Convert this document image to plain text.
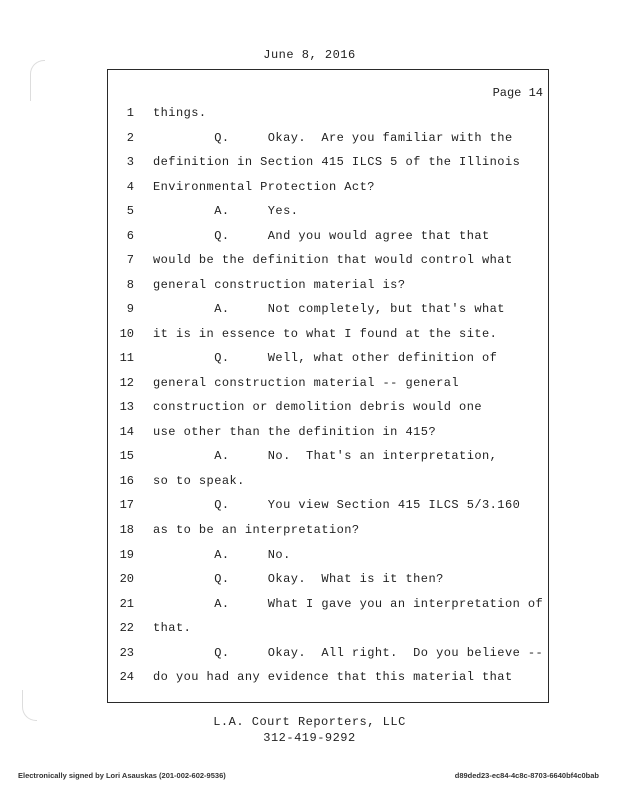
June 8, 2016
Page 14
1 things.
2 Q.     Okay.  Are you familiar with the
3 definition in Section 415 ILCS 5 of the Illinois
4 Environmental Protection Act?
5 A.     Yes.
6 Q.     And you would agree that that
7 would be the definition that would control what
8 general construction material is?
9 A.     Not completely, but that's what
10 it is in essence to what I found at the site.
11 Q.     Well, what other definition of
12 general construction material -- general
13 construction or demolition debris would one
14 use other than the definition in 415?
15 A.     No.  That's an interpretation,
16 so to speak.
17 Q.     You view Section 415 ILCS 5/3.160
18 as to be an interpretation?
19 A.     No.
20 Q.     Okay.  What is it then?
21 A.     What I gave you an interpretation of
22 that.
23 Q.     Okay.  All right.  Do you believe --
24 do you had any evidence that this material that
L.A. Court Reporters, LLC
312-419-9292
Electronically signed by Lori Asauskas (201-002-602-9536)	d89ded23-ec84-4c8c-8703-6640bf4c0bab
